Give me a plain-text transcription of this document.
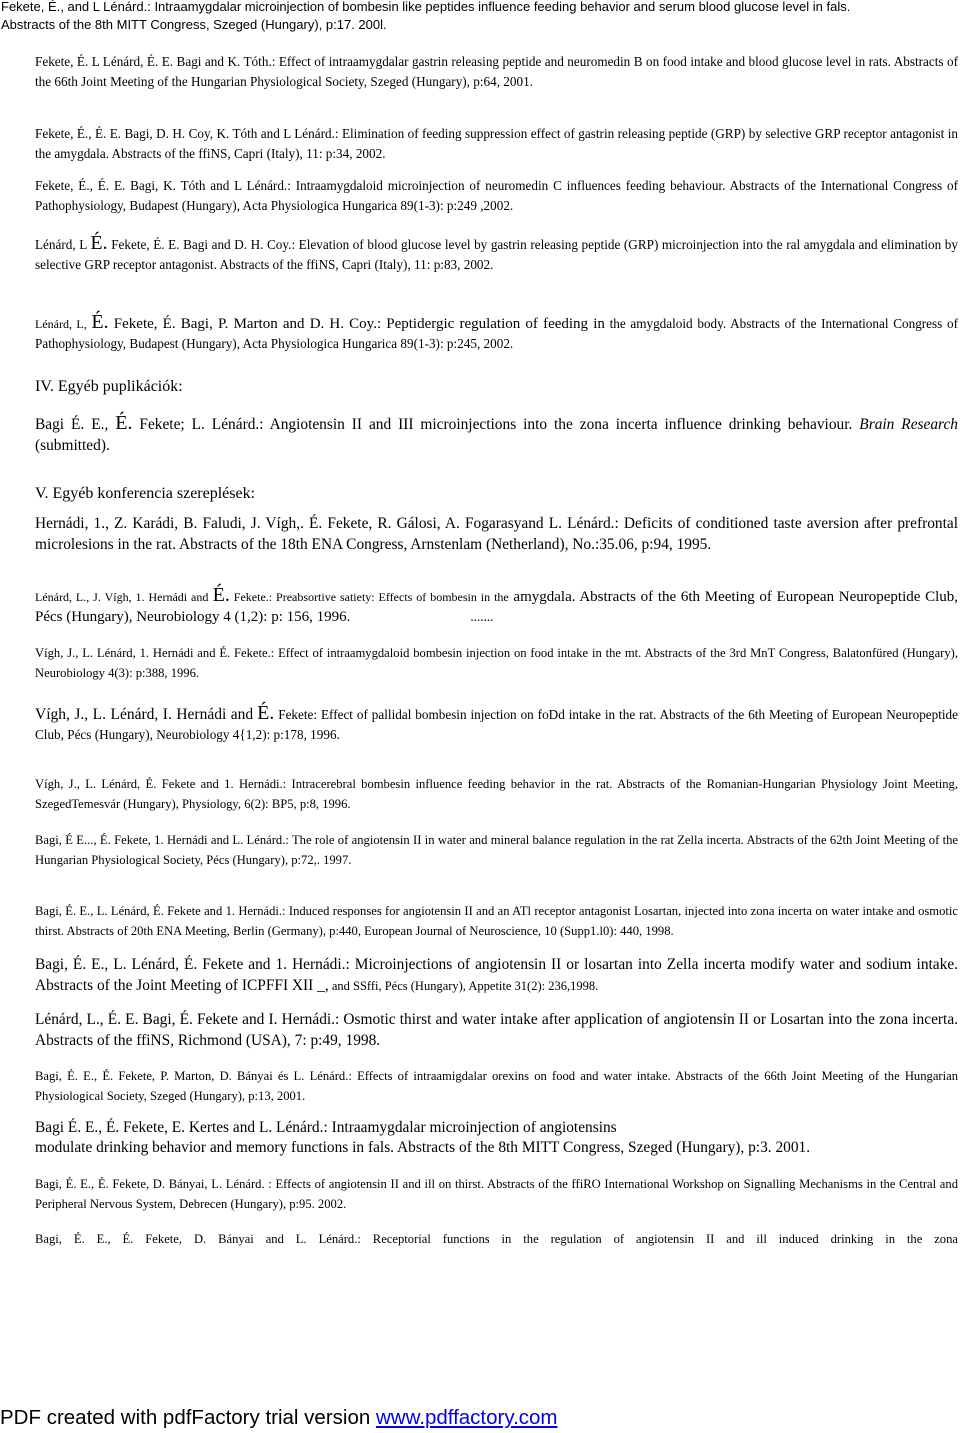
Fekete, É., and L Lénárd.: Intraamygdalar microinjection of bombesin like peptides influence feeding behavior and serum blood glucose level in fals.
Abstracts of the 8th MITT Congress, Szeged (Hungary), p:17. 200l.

Fekete, É. L Lénárd, É. E. Bagi and K. Tóth.: Effect of intraamygdalar gastrin releasing peptide and neuromedin B on food intake and blood glucose level in rats. Abstracts of the 66th Joint Meeting of the Hungarian Physiological Society, Szeged (Hungary), p:64, 2001.

Fekete, É., É. E. Bagi, D. H. Coy, K. Tóth and L Lénárd.: Elimination of feeding suppression effect of gastrin releasing peptide (GRP) by selective GRP receptor antagonist in the amygdala. Abstracts of the ffiNS, Capri (Italy), 11: p:34, 2002.

Fekete, É., É. E. Bagi, K. Tóth and L Lénárd.: Intraamygdaloid microinjection of neuromedin C influences feeding behaviour. Abstracts of the International Congress of Pathophysiology, Budapest (Hungary), Acta Physiologica Hungarica 89(1-3): p:249 ,2002.

Lénárd, L É. Fekete, É. E. Bagi and D. H. Coy.: Elevation of blood glucose level by gastrin releasing peptide (GRP) microinjection into the ral amygdala and elimination by selective GRP receptor antagonist. Abstracts of the ffiNS, Capri (Italy), 11: p:83, 2002.

Lénárd, L, É. Fekete, É. Bagi, P. Marton and D. H. Coy.: Peptidergic regulation of feeding in the amygdaloid body. Abstracts of the International Congress of Pathophysiology, Budapest (Hungary), Acta Physiologica Hungarica 89(1-3): p:245, 2002.

IV. Egyéb puplikációk:

Bagi É. E., É. Fekete; L. Lénárd.: Angiotensin II and III microinjections into the zona incerta influence drinking behaviour. Brain Research (submitted).

V. Egyéb konferencia szereplések:

Hernádi, 1., Z. Karádi, B. Faludi, J. Vígh,. É. Fekete, R. Gálosi, A. Fogarasyand L. Lénárd.: Deficits of conditioned taste aversion after prefrontal microlesions in the rat. Abstracts of the 18th ENA Congress, Arnstenlam (Netherland), No.:35.06, p:94, 1995.

Lénárd, L., J. Vígh, 1. Hernádi and É. Fekete.: Preabsortive satiety: Effects of bombesin in the amygdala. Abstracts of the 6th Meeting of European Neuropeptide Club, Pécs (Hungary), Neurobiology 4 (1,2): p: 156, 1996.	.......

Vígh, J., L. Lénárd, 1. Hernádi and É. Fekete.: Effect of intraamygdaloid bombesin injection on food intake in the mt. Abstracts of the 3rd MnT Congress, Balatonfüred (Hungary), Neurobiology 4(3): p:388, 1996.

Vígh, J., L. Lénárd, I. Hernádi and É. Fekete: Effect of pallidal bombesin injection on foDd intake in the rat. Abstracts of the 6th Meeting of European Neuropeptide Club, Pécs (Hungary), Neurobiology 4{1,2): p:178, 1996.

Vígh, J., L. Lénárd, É. Fekete and 1. Hernádi.: Intracerebral bombesin influence feeding behavior in the rat. Abstracts of the Romanian-Hungarian Physiology Joint Meeting, SzegedTemesvár (Hungary), Physiology, 6(2): BP5, p:8, 1996.

Bagi, É E..., É. Fekete, 1. Hernádi and L. Lénárd.: The role of angiotensin II in water and mineral balance regulation in the rat Zella incerta. Abstracts of the 62th Joint Meeting of the Hungarian Physiological Society, Pécs (Hungary), p:72,. 1997.

Bagi, É. E., L. Lénárd, É. Fekete and 1. Hernádi.: Induced responses for angiotensin II and an ATl receptor antagonist Losartan, injected into zona incerta on water intake and osmotic thirst. Abstracts of 20th ENA Meeting, Berlin (Germany), p:440, European Journal of Neuroscience, 10 (Supp1.l0): 440, 1998.

Bagi, É. E., L. Lénárd, É. Fekete and 1. Hernádi.: Microinjections of angiotensin II or losartan into Zella incerta modify water and sodium intake. Abstracts of the Joint Meeting of ICPFFI XII _, and SSffi, Pécs (Hungary), Appetite 31(2): 236,1998.

Lénárd, L., É. E. Bagi, É. Fekete and I. Hernádi.: Osmotic thirst and water intake after application of angiotensin II or Losartan into the zona incerta. Abstracts of the ffiNS, Richmond (USA), 7: p:49, 1998.

Bagi, É. E., É. Fekete, P. Marton, D. Bányai és L. Lénárd.: Effects of intraamigdalar orexins on food and water intake. Abstracts of the 66th Joint Meeting of the Hungarian Physiological Society, Szeged (Hungary), p:13, 2001.

Bagi É. E., É. Fekete, E. Kertes and L. Lénárd.: Intraamygdalar microinjection of angiotensins
modulate drinking behavior and memory functions in fals. Abstracts of the 8th MITT Congress, Szeged (Hungary), p:3. 2001.

Bagi, É. E., É. Fekete, D. Bányai, L. Lénárd. : Effects of angiotensin II and ill on thirst. Abstracts of the ffiRO International Workshop on Signalling Mechanisms in the Central and Peripheral Nervous System, Debrecen (Hungary), p:95. 2002.

Bagi, É. E., É. Fekete, D. Bányai and L. Lénárd.: Receptorial functions in the regulation of angiotensin II and ill induced drinking in the zona

PDF created with pdfFactory trial version www.pdffactory.com
